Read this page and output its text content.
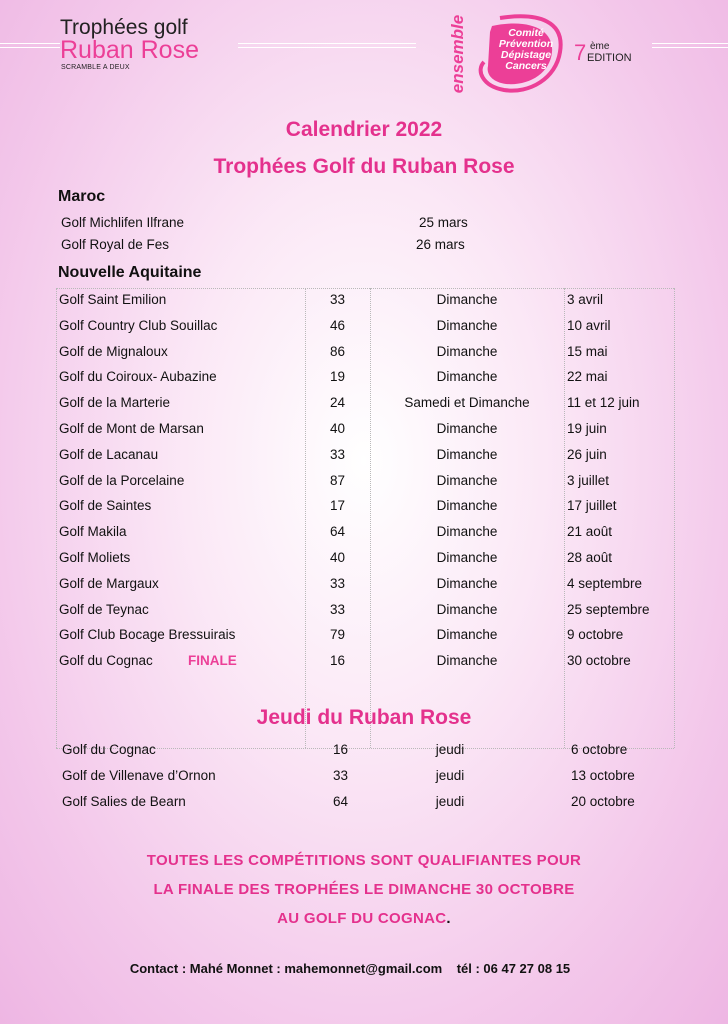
Trophées golf
Ruban Rose
SCRAMBLE A DEUX	ensemble	Comité
Prévention
Dépistage
Cancers
7 ème
EDITION
Calendrier 2022
Trophées Golf du Ruban Rose
Maroc
Golf Michlifen Ilfrane	25 mars
Golf Royal de Fes	26 mars
Nouvelle Aquitaine
Golf Saint Emilion	33	Dimanche	3 avril
Golf Country Club Souillac	46	Dimanche	10 avril
Golf de Mignaloux	86	Dimanche	15 mai
Golf du Coiroux- Aubazine	19	Dimanche	22 mai
Golf de la Marterie	24	Samedi et Dimanche	11 et 12 juin
Golf de Mont de Marsan	40	Dimanche	19 juin
Golf de Lacanau	33	Dimanche	26 juin
Golf de la Porcelaine	87	Dimanche	3 juillet
Golf de Saintes	17	Dimanche	17 juillet
Golf Makila	64	Dimanche	21 août
Golf Moliets	40	Dimanche	28 août
Golf de Margaux	33	Dimanche	4 septembre
Golf de Teynac	33	Dimanche	25 septembre
Golf Club Bocage Bressuirais	79	Dimanche	9 octobre
Golf du Cognac	16	Dimanche	30 octobre
FINALE
Jeudi du Ruban Rose
Golf du Cognac	16	jeudi	6 octobre
Golf de Villenave d’Ornon	33	jeudi	13 octobre
Golf Salies de Bearn	64	jeudi	20 octobre
TOUTES LES COMPÉTITIONS SONT QUALIFIANTES POUR
LA FINALE DES TROPHÉES LE DIMANCHE 30 OCTOBRE
AU GOLF DU COGNAC.
Contact : Mahé Monnet : mahemonnet@gmail.com tél : 06 47 27 08 15
